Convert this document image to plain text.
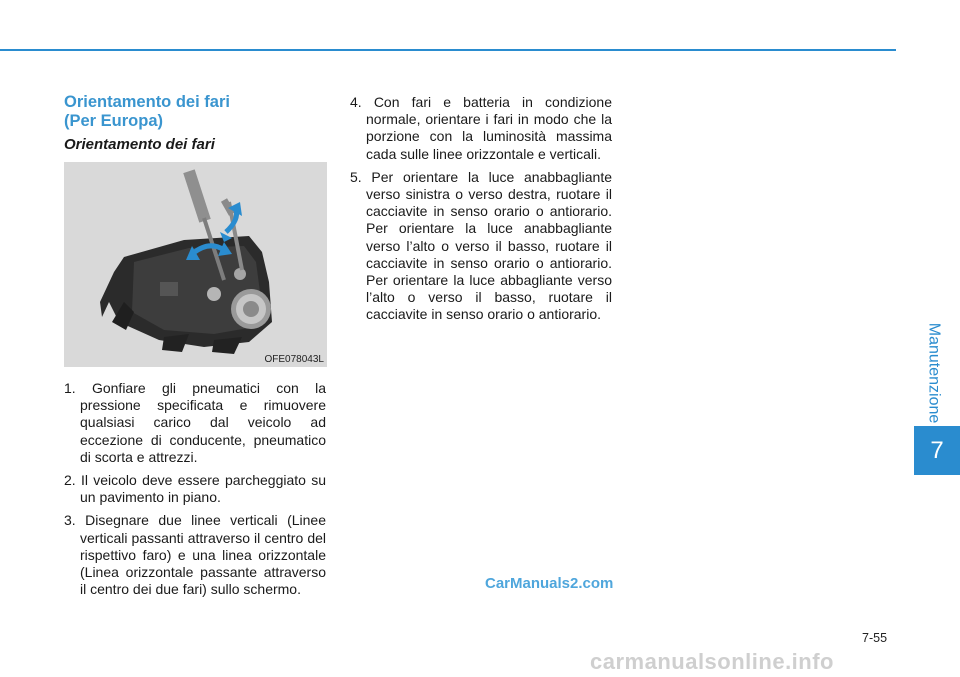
Manutenzione
7
Orientamento dei fari
(Per Europa)
Orientamento dei fari
OFE078043L
1. Gonfiare gli pneumatici con la pressione specificata e rimuovere qualsiasi carico dal veicolo ad eccezione di conducente, pneumatico di scorta e attrezzi.
2. Il veicolo deve essere parcheggiato su un pavimento in piano.
3. Disegnare due linee verticali (Linee verticali passanti attraverso il centro del rispettivo faro) e una linea orizzontale (Linea orizzontale passante attraverso il centro dei due fari) sullo schermo.
4. Con fari e batteria in condizione normale, orientare i fari in modo che la porzione con la luminosità massima cada sulle linee orizzontale e verticali.
5. Per orientare la luce anabbagliante verso sinistra o verso destra, ruotare il cacciavite in senso orario o antiorario. Per orientare la luce anabbagliante verso l’alto o verso il basso, ruotare il cacciavite in senso orario o antiorario. Per orientare la luce abbagliante verso l’alto o verso il basso, ruotare il cacciavite in senso orario o antiorario.
CarManuals2.com
7-55
carmanualsonline.info
